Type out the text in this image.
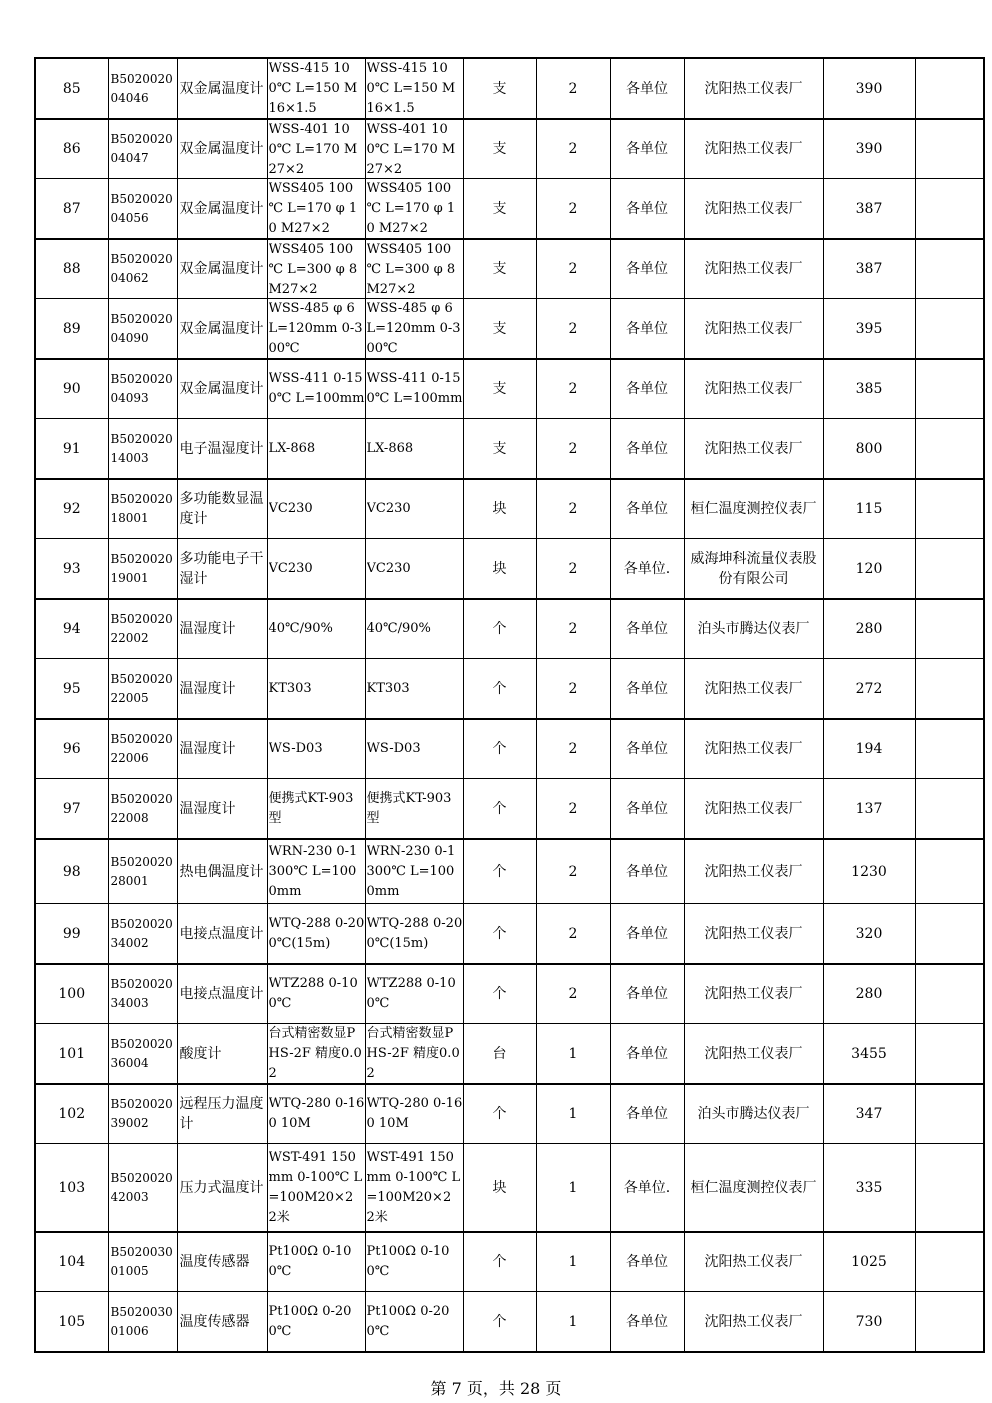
85	B502002004046	双金属温度计	WSS-415 100℃ L=150 M16×1.5	WSS-415 100℃ L=150 M16×1.5	支	2	各单位	沈阳热工仪表厂	390	

86	B502002004047	双金属温度计	WSS-401 100℃ L=170 M27×2	WSS-401 100℃ L=170 M27×2	支	2	各单位	沈阳热工仪表厂	390	

87	B502002004056	双金属温度计	WSS405 100 ℃ L=170 φ 10 M27×2	WSS405 100 ℃ L=170 φ 10 M27×2	支	2	各单位	沈阳热工仪表厂	387	

88	B502002004062	双金属温度计	WSS405 100 ℃ L=300 φ 8 M27×2	WSS405 100 ℃ L=300 φ 8 M27×2	支	2	各单位	沈阳热工仪表厂	387	

89	B502002004090	双金属温度计	WSS-485 φ 6 L=120mm 0-300℃	WSS-485 φ 6 L=120mm 0-300℃	支	2	各单位	沈阳热工仪表厂	395	

90	B502002004093	双金属温度计	WSS-411 0-150℃ L=100mm	WSS-411 0-150℃ L=100mm	支	2	各单位	沈阳热工仪表厂	385	

91	B502002014003	电子温湿度计	LX-868	LX-868	支	2	各单位	沈阳热工仪表厂	800	

92	B502002018001	多功能数显温度计	VC230	VC230	块	2	各单位	桓仁温度测控仪表厂	115	

93	B502002019001	多功能电子干湿计	VC230	VC230	块	2	各单位.	威海坤科流量仪表股份有限公司	120	

94	B502002022002	温湿度计	40℃/90%	40℃/90%	个	2	各单位	泊头市腾达仪表厂	280	

95	B502002022005	温湿度计	KT303	KT303	个	2	各单位	沈阳热工仪表厂	272	

96	B502002022006	温湿度计	WS-D03	WS-D03	个	2	各单位	沈阳热工仪表厂	194	

97	B502002022008	温湿度计	便携式KT-903型	便携式KT-903型	个	2	各单位	沈阳热工仪表厂	137	

98	B502002028001	热电偶温度计	WRN-230 0-1300℃ L=1000mm	WRN-230 0-1300℃ L=1000mm	个	2	各单位	沈阳热工仪表厂	1230	

99	B502002034002	电接点温度计	WTQ-288 0-200℃(15m)	WTQ-288 0-200℃(15m)	个	2	各单位	沈阳热工仪表厂	320	

100	B502002034003	电接点温度计	WTZ288 0-100℃	WTZ288 0-100℃	个	2	各单位	沈阳热工仪表厂	280	

101	B502002036004	酸度计	台式精密数显PHS-2F 精度0.02	台式精密数显PHS-2F 精度0.02	台	1	各单位	沈阳热工仪表厂	3455	

102	B502002039002	远程压力温度计	WTQ-280 0-160 10M	WTQ-280 0-160 10M	个	1	各单位	泊头市腾达仪表厂	347	

103	B502002042003	压力式温度计	WST-491 150mm 0-100℃ L=100M20×2 2米	WST-491 150mm 0-100℃ L=100M20×2 2米	块	1	各单位.	桓仁温度测控仪表厂	335	

104	B502003001005	温度传感器	Pt100Ω 0-100℃	Pt100Ω 0-100℃	个	1	各单位	沈阳热工仪表厂	1025	

105	B502003001006	温度传感器	Pt100Ω 0-200℃	Pt100Ω 0-200℃	个	1	各单位	沈阳热工仪表厂	730	

第 7 页，共 28 页
